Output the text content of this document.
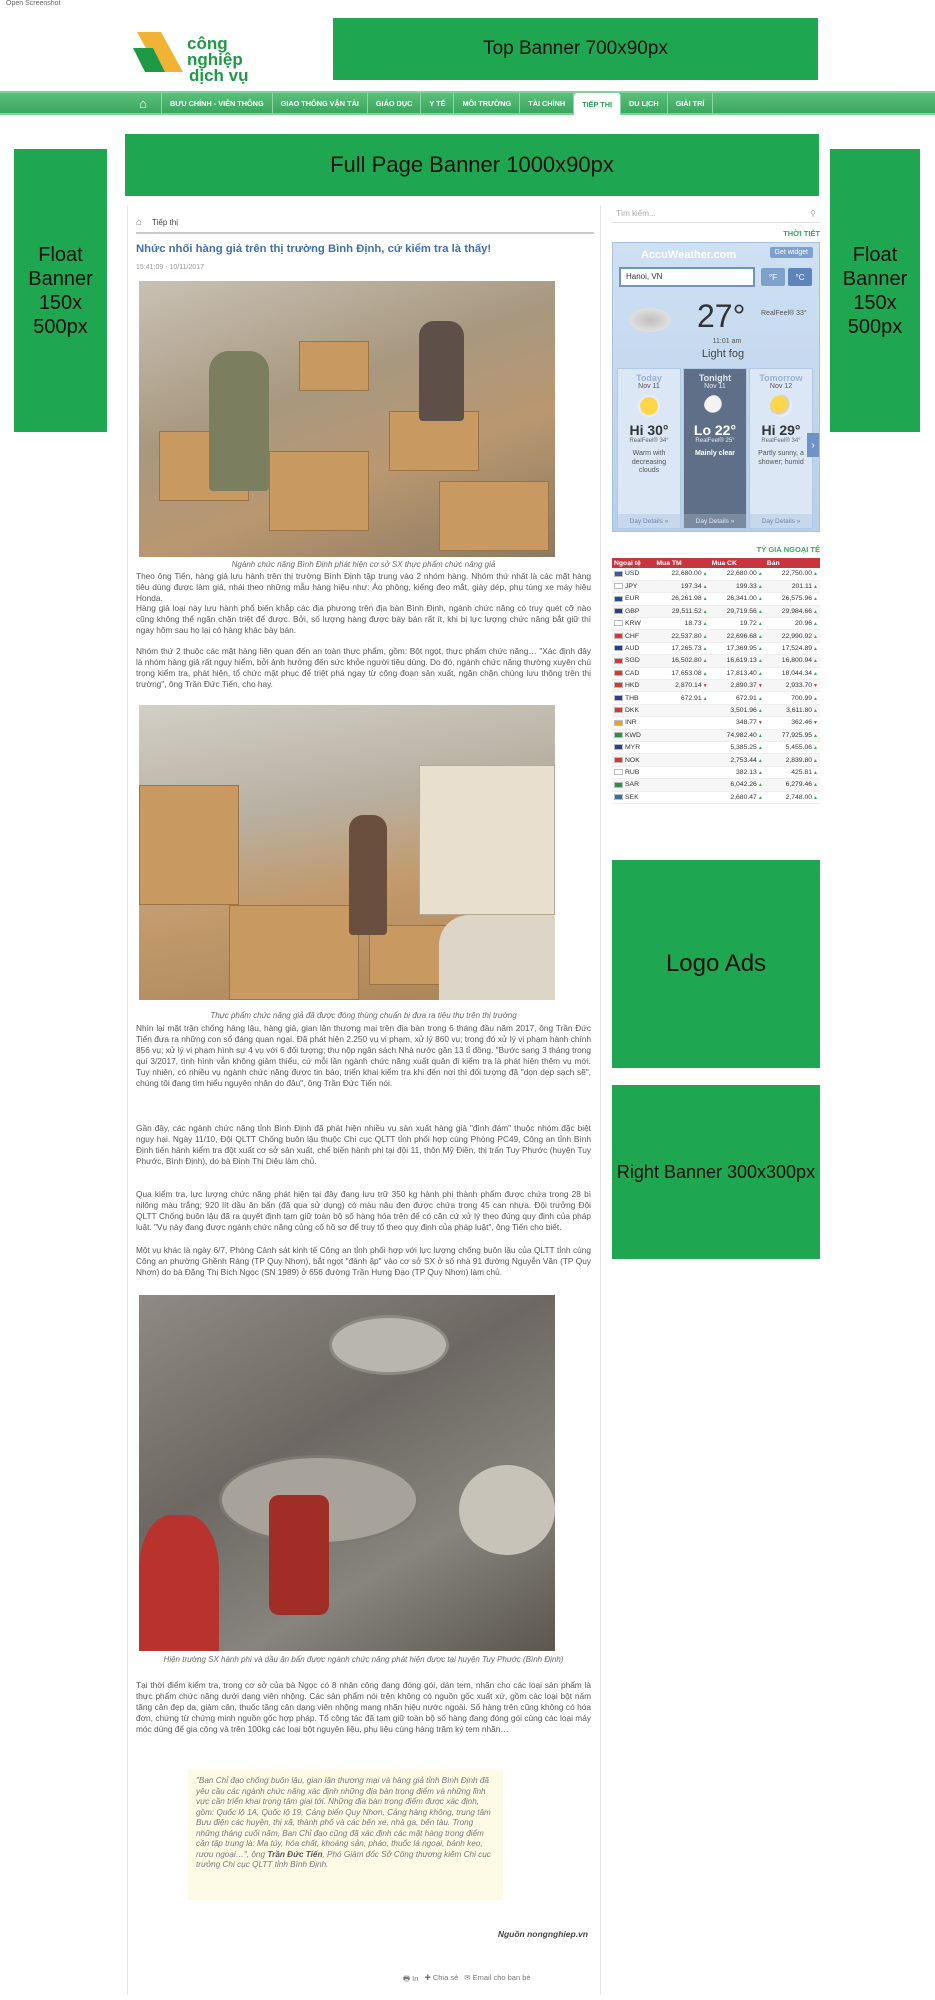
Open Screenshot
công nghiệp
dịch vụ
Top Banner 700x90px
⌂	BƯU CHÍNH - VIỄN THÔNG	GIAO THÔNG VẬN TẢI	GIÁO DỤC	Y TẾ	MÔI TRƯỜNG	TÀI CHÍNH	TIẾP THỊ	DU LỊCH	GIẢI TRÍ
Full Page Banner 1000x90px
Float Banner 150x 500px
Float Banner 150x 500px
⌂ Tiếp thị
Nhức nhối hàng giả trên thị trường Bình Định, cứ kiểm tra là thấy!
15:41:09 - 10/11/2017
Ngành chức năng Bình Định phát hiện cơ sở SX thực phẩm chức năng giả
Theo ông Tiến, hàng giả lưu hành trên thị trường Bình Định tập trung vào 2 nhóm hàng. Nhóm thứ nhất là các mặt hàng tiêu dùng được làm giả, nhái theo những mẫu hàng hiệu như: Áo phông, kiếng đeo mắt, giày dép, phụ tùng xe máy hiệu Honda.
Hàng giả loại này lưu hành phổ biến khắp các địa phương trên địa bàn Bình Định, ngành chức năng có truy quét cỡ nào cũng không thể ngăn chặn triệt để được. Bởi, số lượng hàng được bày bán rất ít, khi bị lực lượng chức năng bắt giữ thì ngay hôm sau họ lại có hàng khác bày bán.
Nhóm thứ 2 thuộc các mặt hàng liên quan đến an toàn thực phẩm, gồm: Bột ngọt, thực phẩm chức năng… "Xác định đây là nhóm hàng giả rất nguy hiểm, bởi ảnh hưởng đến sức khỏe người tiêu dùng. Do đó, ngành chức năng thường xuyên chú trọng kiểm tra, phát hiện, tổ chức mật phục để triệt phá ngay từ công đoạn sản xuất, ngăn chặn chúng lưu thông trên thị trường", ông Trần Đức Tiến, cho hay.
Thực phẩm chức năng giả đã được đóng thùng chuẩn bị đưa ra tiêu thụ trên thị trường
Nhìn lại mặt trận chống hàng lậu, hàng giả, gian lận thương mại trên địa bàn trong 6 tháng đầu năm 2017, ông Trần Đức Tiến đưa ra những con số đáng quan ngại. Đã phát hiện 2.250 vụ vi phạm, xử lý 860 vụ; trong đó xử lý vi phạm hành chính 856 vụ; xử lý vi phạm hình sự 4 vụ với 6 đối tượng; thu nộp ngân sách Nhà nước gần 13 tỉ đồng. "Bước sang 3 tháng trong quí 3/2017, tình hình vẫn không giảm thiểu, cứ mỗi lần ngành chức năng xuất quân đi kiểm tra là phát hiện thêm vụ mới. Tuy nhiên, có nhiều vụ ngành chức năng được tin báo, triển khai kiểm tra khi đến nơi thì đối tượng đã "dọn dẹp sạch sẽ", chúng tôi đang tìm hiểu nguyên nhân do đâu", ông Trần Đức Tiến nói.
Gần đây, các ngành chức năng tỉnh Bình Định đã phát hiện nhiều vụ sản xuất hàng giả "đình đám" thuộc nhóm đặc biệt nguy hại. Ngày 11/10, Đội QLTT Chống buôn lậu thuộc Chi cục QLTT tỉnh phối hợp cùng Phòng PC49, Công an tỉnh Bình Định tiến hành kiểm tra đột xuất cơ sở sản xuất, chế biến hành phi tại đội 11, thôn Mỹ Điền, thị trấn Tuy Phước (huyện Tuy Phước, Bình Định), do bà Đinh Thị Diệu làm chủ.
Qua kiểm tra, lực lượng chức năng phát hiện tại đây đang lưu trữ 350 kg hành phi thành phẩm được chứa trong 28 bì nilông màu trắng; 920 lít dầu ăn bẩn (đã qua sử dụng) có màu nâu đen được chứa trong 45 can nhựa. Đội trưởng Đội QLTT Chống buôn lậu đã ra quyết định tạm giữ toàn bộ số hàng hóa trên để có căn cứ xử lý theo đúng quy định của pháp luật. "Vụ này đang được ngành chức năng củng cố hồ sơ để truy tố theo quy định của pháp luật", ông Tiến cho biết.
Một vụ khác là ngày 6/7, Phòng Cảnh sát kinh tế Công an tỉnh phối hợp với lực lượng chống buôn lậu của QLTT tỉnh cùng Công an phường Ghềnh Ráng (TP Quy Nhơn), bắt ngọt "đánh ập" vào cơ sở SX ở số nhà 91 đường Nguyễn Văn (TP Quy Nhơn) do bà Đặng Thị Bích Ngọc (SN 1989) ở 656 đường Trần Hưng Đạo (TP Quy Nhơn) làm chủ.
Hiện trường SX hành phi và dầu ăn bẩn được ngành chức năng phát hiện được tại huyện Tuy Phước (Bình Định)
Tại thời điểm kiểm tra, trong cơ sở của bà Ngọc có 8 nhân công đang đóng gói, dán tem, nhãn cho các loại sản phẩm là thực phẩm chức năng dưới dạng viên nhộng. Các sản phẩm nói trên không có nguồn gốc xuất xứ, gồm các loại bột nấm tăng cân đẹp da, giảm cân, thuốc tăng cân dạng viên nhộng mang nhãn hiệu nước ngoài. Số hàng trên cũng không có hóa đơn, chứng từ chứng minh nguồn gốc hợp pháp. Tổ công tác đã tạm giữ toàn bộ số hàng đang đóng gói cùng các loại máy móc dùng để gia công và trên 100kg các loại bột nguyên liệu, phụ liệu cùng hàng trăm ký tem nhãn…
"Ban Chỉ đạo chống buôn lậu, gian lận thương mại và hàng giả tỉnh Bình Định đã yêu cầu các ngành chức năng xác định những địa bàn trọng điểm và những lĩnh vực cần triển khai trọng tâm giai tới. Những địa bàn trọng điểm được xác định, gồm: Quốc lộ 1A, Quốc lộ 19, Cảng biển Quy Nhơn, Cảng hàng không, trung tâm Bưu điện các huyện, thị xã, thành phố và các bến xe, nhà ga, bến tàu. Trong những tháng cuối năm, Ban Chỉ đạo cũng đã xác định các mặt hàng trọng điểm cần tập trung là: Ma túy, hóa chất, khoáng sản, pháo, thuốc lá ngoại, bánh kẹo, rượu ngoại…", ông Trần Đức Tiến, Phó Giám đốc Sở Công thương kiêm Chi cục trưởng Chi cục QLTT tỉnh Bình Định.
Nguồn nongnghiep.vn
🖶 In ✚ Chia sẻ ✉ Email cho bạn bè
Tìm kiếm...	⚲
THỜI TIẾT
AccuWeather.com	Get widget
Hanoi, VN	°F	°C
27° RealFeel® 33°
11:01 am
Light fog
Today
Nov 11
Hi 30°
RealFeel® 34°
Warm with decreasing clouds
Day Details »
Tonight
Nov 11
Lo 22°
RealFeel® 25°
Mainly clear
Day Details »
Tomorrow
Nov 12
Hi 29°
RealFeel® 34°
Partly sunny, a shower; humid
Day Details »
›
TỶ GIÁ NGOẠI TỆ
Ngoại tệ	Mua TM	Mua CK	Bán
USD	22,680.00▲	22,680.00▲	22,750.00▲
JPY	197.34▲	199.33▲	201.11▲
EUR	26,261.98▲	26,341.00▲	26,575.96▲
GBP	29,511.52▲	29,719.56▲	29,984.66▲
KRW	18.73▲	19.72▲	20.96▲
CHF	22,537.80▲	22,696.68▲	22,990.92▲
AUD	17,265.73▲	17,369.95▲	17,524.89▲
SGD	16,502.80▲	16,619.13▲	16,800.94▲
CAD	17,653.08▲	17,813.40▲	18,044.34▲
HKD	2,870.14▼	2,890.37▼	2,933.70▼
THB	672.91▲	672.91▲	700.99▲
DKK		3,501.96▲	3,611.80▲
INR		348.77▼	362.46▼
KWD		74,982.40▲	77,925.95▲
MYR		5,385.25▲	5,455.06▲
NOK		2,753.44▲	2,839.80▲
RUB		382.13▲	425.81▲
SAR		6,042.26▲	6,279.46▲
SEK		2,680.47▲	2,748.00▲

Logo Ads
Right Banner 300x300px
